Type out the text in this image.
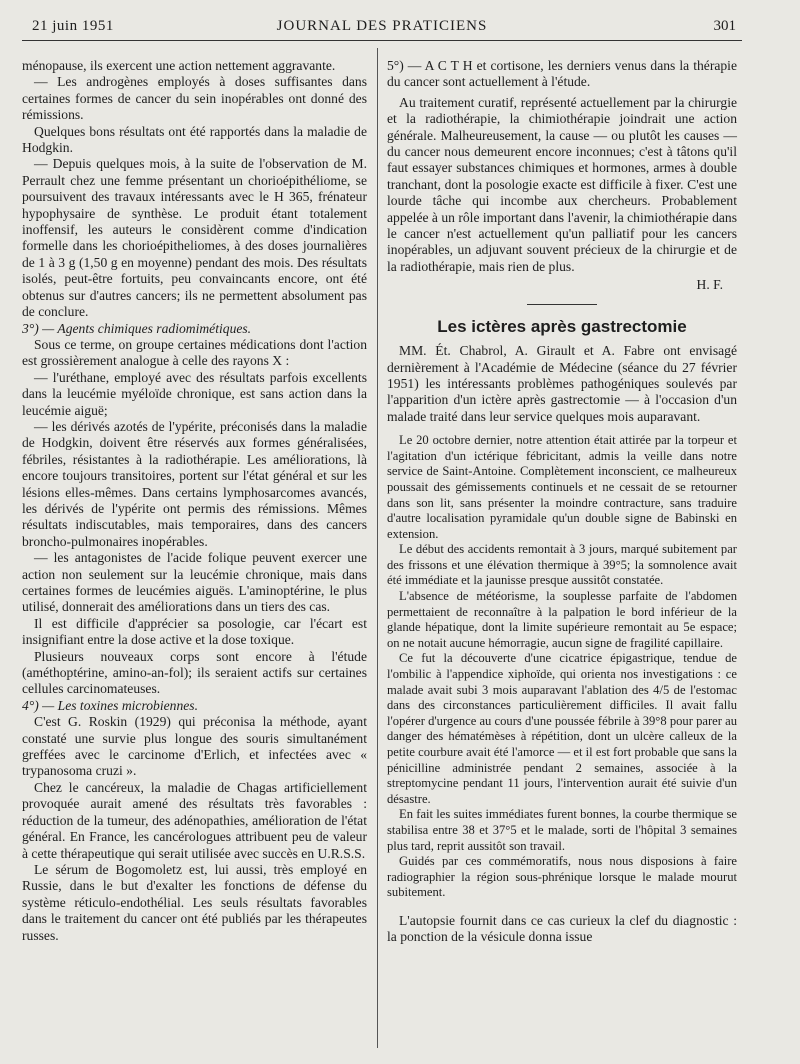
21 juin 1951	JOURNAL DES PRATICIENS	301

ménopause, ils exercent une action nettement aggravante.

— Les androgènes employés à doses suffisantes dans certaines formes de cancer du sein inopérables ont donné des rémissions.

Quelques bons résultats ont été rapportés dans la maladie de Hodgkin.

— Depuis quelques mois, à la suite de l'observation de M. Perrault chez une femme présentant un chorioépithéliome, se poursuivent des travaux intéressants avec le H 365, frénateur hypophysaire de synthèse. Le produit étant totalement inoffensif, les auteurs le considèrent comme d'indication formelle dans les chorioépitheliomes, à des doses journalières de 1 à 3 g (1,50 g en moyenne) pendant des mois. Des résultats isolés, peut-être fortuits, peu convaincants encore, ont été obtenus sur d'autres cancers; ils ne permettent absolument pas de conclure.

3°) — Agents chimiques radiomimétiques.

Sous ce terme, on groupe certaines médications dont l'action est grossièrement analogue à celle des rayons X :

— l'uréthane, employé avec des résultats parfois excellents dans la leucémie myéloïde chronique, est sans action dans la leucémie aiguë;

— les dérivés azotés de l'ypérite, préconisés dans la maladie de Hodgkin, doivent être réservés aux formes généralisées, fébriles, résistantes à la radiothérapie. Les améliorations, là encore toujours transitoires, portent sur l'état général et sur les lésions elles-mêmes. Dans certains lymphosarcomes avancés, les dérivés de l'ypérite ont permis des rémissions. Mêmes résultats indiscutables, mais temporaires, dans des cancers broncho-pulmonaires inopérables.

— les antagonistes de l'acide folique peuvent exercer une action non seulement sur la leucémie chronique, mais dans certaines formes de leucémies aiguës. L'aminoptérine, le plus utilisé, donnerait des améliorations dans un tiers des cas.

Il est difficile d'apprécier sa posologie, car l'écart est insignifiant entre la dose active et la dose toxique.

Plusieurs nouveaux corps sont encore à l'étude (améthoptérine, amino-an-fol); ils seraient actifs sur certaines cellules carcinomateuses.

4°) — Les toxines microbiennes.

C'est G. Roskin (1929) qui préconisa la méthode, ayant constaté une survie plus longue des souris simultanément greffées avec le carcinome d'Erlich, et infectées avec « trypanosoma cruzi ».

Chez le cancéreux, la maladie de Chagas artificiellement provoquée aurait amené des résultats très favorables : réduction de la tumeur, des adénopathies, amélioration de l'état général. En France, les cancérologues attribuent peu de valeur à cette thérapeutique qui serait utilisée avec succès en U.R.S.S.

Le sérum de Bogomoletz est, lui aussi, très employé en Russie, dans le but d'exalter les fonctions de défense du système réticulo-endothélial. Les seuls résultats favorables dans le traitement du cancer ont été publiés par les thérapeutes russes.

5°) — A C T H et cortisone, les derniers venus dans la thérapie du cancer sont actuellement à l'étude.

Au traitement curatif, représenté actuellement par la chirurgie et la radiothérapie, la chimiothérapie joindrait une action générale. Malheureusement, la cause — ou plutôt les causes — du cancer nous demeurent encore inconnues; c'est à tâtons qu'il faut essayer substances chimiques et hormones, armes à double tranchant, dont la posologie exacte est difficile à fixer. C'est une lourde tâche qui incombe aux chercheurs. Probablement appelée à un rôle important dans l'avenir, la chimiothérapie dans le cancer n'est actuellement qu'un palliatif pour les cancers inopérables, un adjuvant souvent précieux de la chirurgie et de la radiothérapie, mais rien de plus.

H. F.
Les ictères après gastrectomie

MM. Ét. Chabrol, A. Girault et A. Fabre ont envisagé dernièrement à l'Académie de Médecine (séance du 27 février 1951) les intéressants problèmes pathogéniques soulevés par l'apparition d'un ictère après gastrectomie — à l'occasion d'un malade traité dans leur service quelques mois auparavant.

Le 20 octobre dernier, notre attention était attirée par la torpeur et l'agitation d'un ictérique fébricitant, admis la veille dans notre service de Saint-Antoine. Complètement inconscient, ce malheureux poussait des gémissements continuels et ne cessait de se retourner dans son lit, sans présenter la moindre contracture, sans traduire d'autre localisation pyramidale qu'un double signe de Babinski en extension.

Le début des accidents remontait à 3 jours, marqué subitement par des frissons et une élévation thermique à 39°5; la somnolence avait été immédiate et la jaunisse presque aussitôt constatée.

L'absence de météorisme, la souplesse parfaite de l'abdomen permettaient de reconnaître à la palpation le bord inférieur de la glande hépatique, dont la limite supérieure remontait au 5e espace; on ne notait aucune hémorragie, aucun signe de fragilité capillaire.

Ce fut la découverte d'une cicatrice épigastrique, tendue de l'ombilic à l'appendice xiphoïde, qui orienta nos investigations : ce malade avait subi 3 mois auparavant l'ablation des 4/5 de l'estomac dans des circonstances particulièrement difficiles. Il avait fallu l'opérer d'urgence au cours d'une poussée fébrile à 39°8 pour parer au danger des hématémèses à répétition, dont un ulcère calleux de la petite courbure avait été l'amorce — et il est fort probable que sans la pénicilline administrée pendant 2 semaines, associée à la streptomycine pendant 11 jours, l'intervention aurait été suivie d'un désastre.

En fait les suites immédiates furent bonnes, la courbe thermique se stabilisa entre 38 et 37°5 et le malade, sorti de l'hôpital 3 semaines plus tard, reprit aussitôt son travail.

Guidés par ces commémoratifs, nous nous disposions à faire radiographier la région sous-phrénique lorsque le malade mourut subitement.

L'autopsie fournit dans ce cas curieux la clef du diagnostic : la ponction de la vésicule donna issue
